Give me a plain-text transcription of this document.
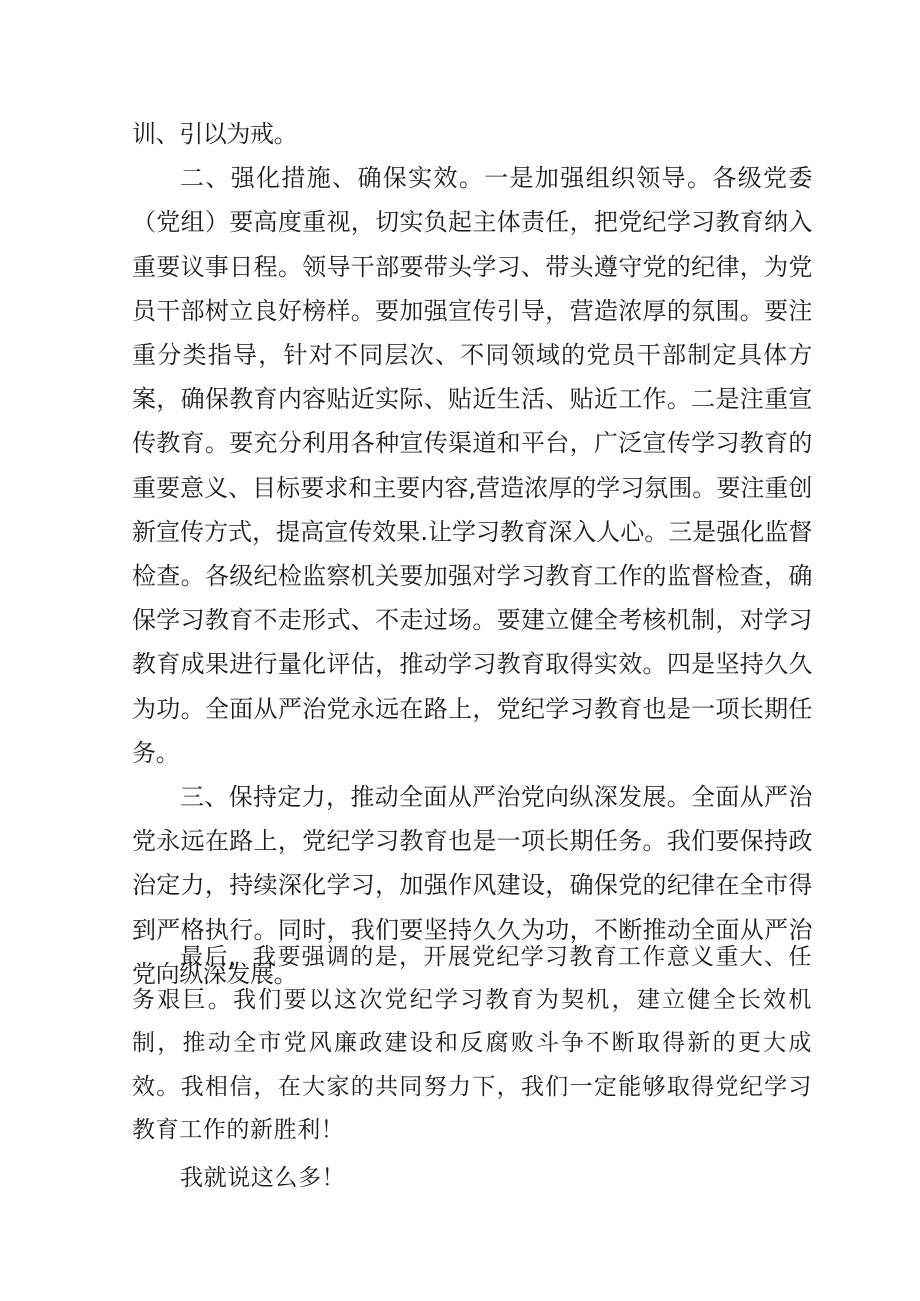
训、引以为戒。

二、强化措施、确保实效。一是加强组织领导。各级党委（党组）要高度重视，切实负起主体责任，把党纪学习教育纳入重要议事日程。领导干部要带头学习、带头遵守党的纪律，为党员干部树立良好榜样。要加强宣传引导，营造浓厚的氛围。要注重分类指导，针对不同层次、不同领域的党员干部制定具体方案，确保教育内容贴近实际、贴近生活、贴近工作。二是注重宣传教育。要充分利用各种宣传渠道和平台，广泛宣传学习教育的重要意义、目标要求和主要内容,营造浓厚的学习氛围。要注重创新宣传方式，提高宣传效果.让学习教育深入人心。三是强化监督检查。各级纪检监察机关要加强对学习教育工作的监督检查，确保学习教育不走形式、不走过场。要建立健全考核机制，对学习教育成果进行量化评估，推动学习教育取得实效。四是坚持久久为功。全面从严治党永远在路上，党纪学习教育也是一项长期任务。

三、保持定力，推动全面从严治党向纵深发展。全面从严治党永远在路上，党纪学习教育也是一项长期任务。我们要保持政治定力，持续深化学习，加强作风建设，确保党的纪律在全市得到严格执行。同时，我们要坚持久久为功，不断推动全面从严治党向纵深发展。

最后，我要强调的是，开展党纪学习教育工作意义重大、任务艰巨。我们要以这次党纪学习教育为契机，建立健全长效机制，推动全市党风廉政建设和反腐败斗争不断取得新的更大成效。我相信，在大家的共同努力下，我们一定能够取得党纪学习教育工作的新胜利！

我就说这么多！
